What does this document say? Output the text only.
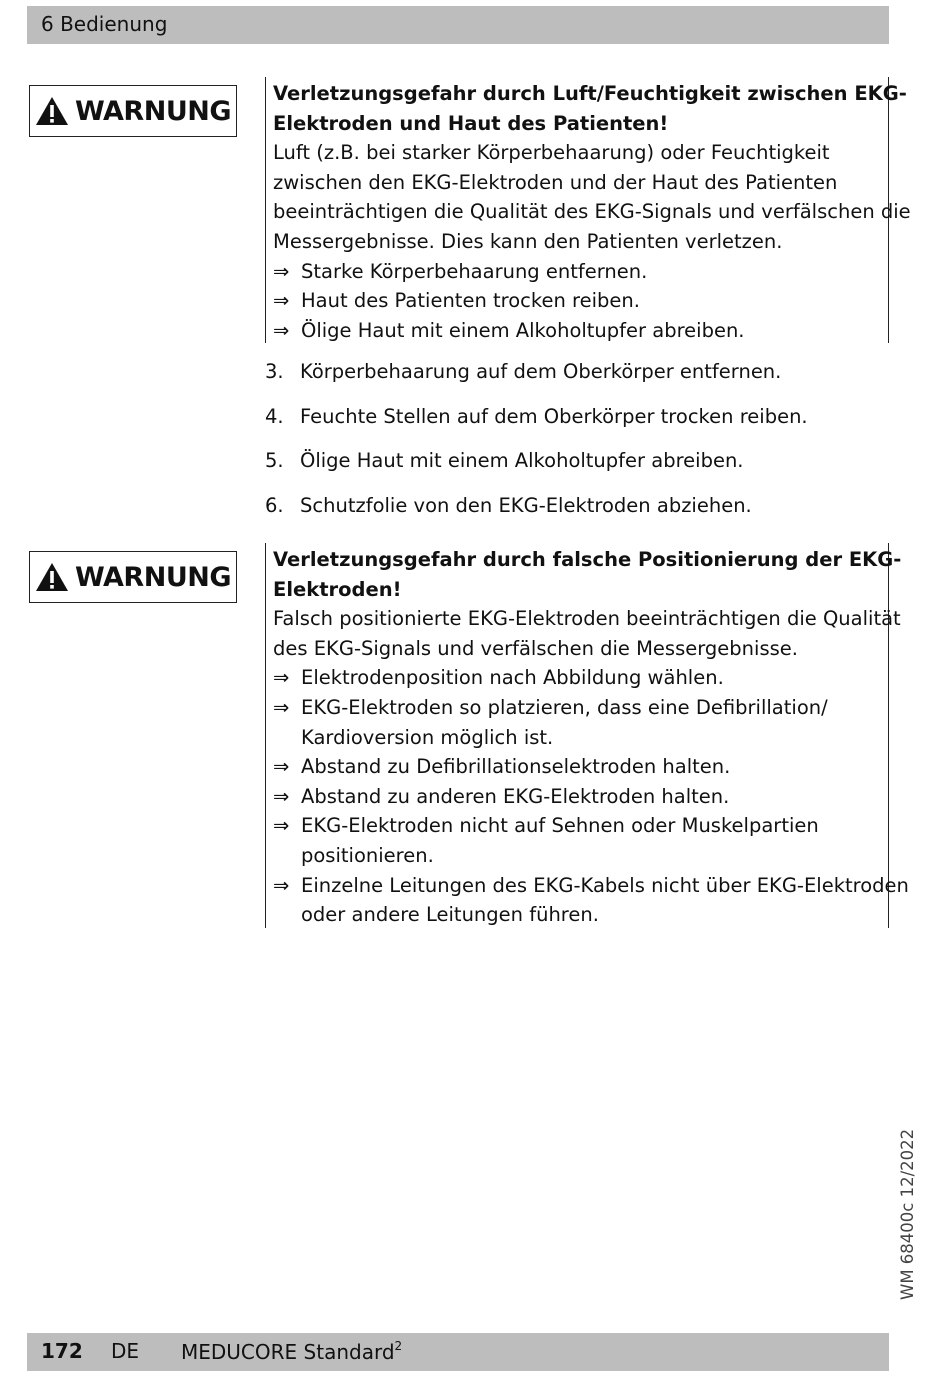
6 Bedienung
WARNUNG
Verletzungsgefahr durch Luft/Feuchtigkeit zwischen EKG-
Elektroden und Haut des Patienten!
Luft (z.B. bei starker Körperbehaarung) oder Feuchtigkeit
zwischen den EKG-Elektroden und der Haut des Patienten
beeinträchtigen die Qualität des EKG-Signals und verfälschen die
Messergebnisse. Dies kann den Patienten verletzen.
⇒ Starke Körperbehaarung entfernen.
⇒ Haut des Patienten trocken reiben.
⇒ Ölige Haut mit einem Alkoholtupfer abreiben.
3. Körperbehaarung auf dem Oberkörper entfernen.
4. Feuchte Stellen auf dem Oberkörper trocken reiben.
5. Ölige Haut mit einem Alkoholtupfer abreiben.
6. Schutzfolie von den EKG-Elektroden abziehen.
WARNUNG
Verletzungsgefahr durch falsche Positionierung der EKG-
Elektroden!
Falsch positionierte EKG-Elektroden beeinträchtigen die Qualität
des EKG-Signals und verfälschen die Messergebnisse.
⇒ Elektrodenposition nach Abbildung wählen.
⇒ EKG-Elektroden so platzieren, dass eine Defibrillation/
Kardioversion möglich ist.
⇒ Abstand zu Defibrillationselektroden halten.
⇒ Abstand zu anderen EKG-Elektroden halten.
⇒ EKG-Elektroden nicht auf Sehnen oder Muskelpartien
positionieren.
⇒ Einzelne Leitungen des EKG-Kabels nicht über EKG-Elektroden
oder andere Leitungen führen.
WM 68400c 12/2022
172 DE MEDUCORE Standard$^2$
